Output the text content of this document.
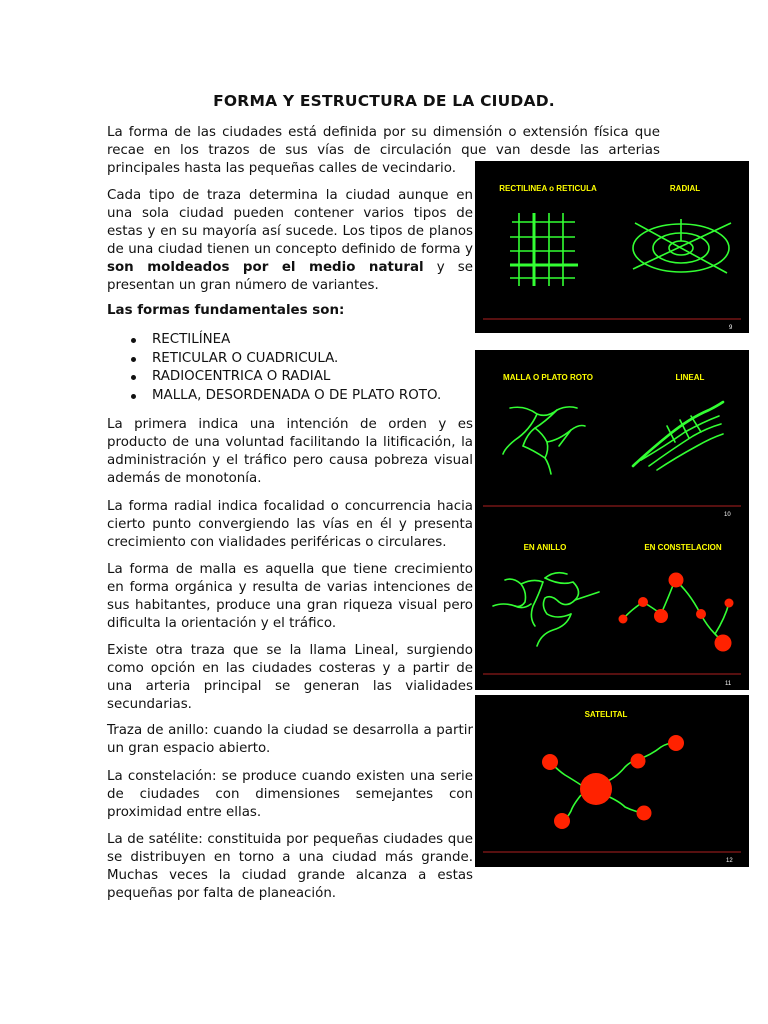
FORMA Y ESTRUCTURA DE LA CIUDAD.

La forma de las ciudades está definida por su dimensión o extensión física que recae en los trazos de sus vías de circulación que van desde las arterias principales hasta las pequeñas calles de vecindario.

Cada tipo de traza determina la ciudad aunque en una sola ciudad pueden contener varios tipos de estas y en su mayoría así sucede. Los tipos de planos de una ciudad tienen un concepto definido de forma y son moldeados por el medio natural y se presentan un gran número de variantes.

Las formas fundamentales son:

RECTILÍNEA
RETICULAR O CUADRICULA.
RADIOCENTRICA O RADIAL
MALLA, DESORDENADA O DE PLATO ROTO.

La primera indica una intención de orden y es producto de una voluntad facilitando la litificación, la administración y el tráfico pero causa pobreza visual además de monotonía.

La forma radial indica focalidad o concurrencia hacia cierto punto convergiendo las vías en él y presenta crecimiento con vialidades periféricas o circulares.

La forma de malla es aquella que tiene crecimiento en forma orgánica y resulta de varias intenciones de sus habitantes, produce una gran riqueza visual pero dificulta la orientación y el tráfico.

Existe otra traza que se la llama Lineal, surgiendo como opción en las ciudades costeras y a partir de una arteria principal se generan las vialidades secundarias.

Traza de anillo: cuando la ciudad se desarrolla a partir un gran espacio abierto.

La constelación: se produce cuando existen una serie de ciudades con dimensiones semejantes con proximidad entre ellas.

La de satélite: constituida por pequeñas ciudades que se distribuyen en torno a una ciudad más grande. Muchas veces la ciudad grande alcanza a estas pequeñas por falta de planeación.

RECTILINEA o RETICULA	RADIAL
9
MALLA O PLATO ROTO	LINEAL
10
EN ANILLO	EN CONSTELACION
11
SATELITAL
12
